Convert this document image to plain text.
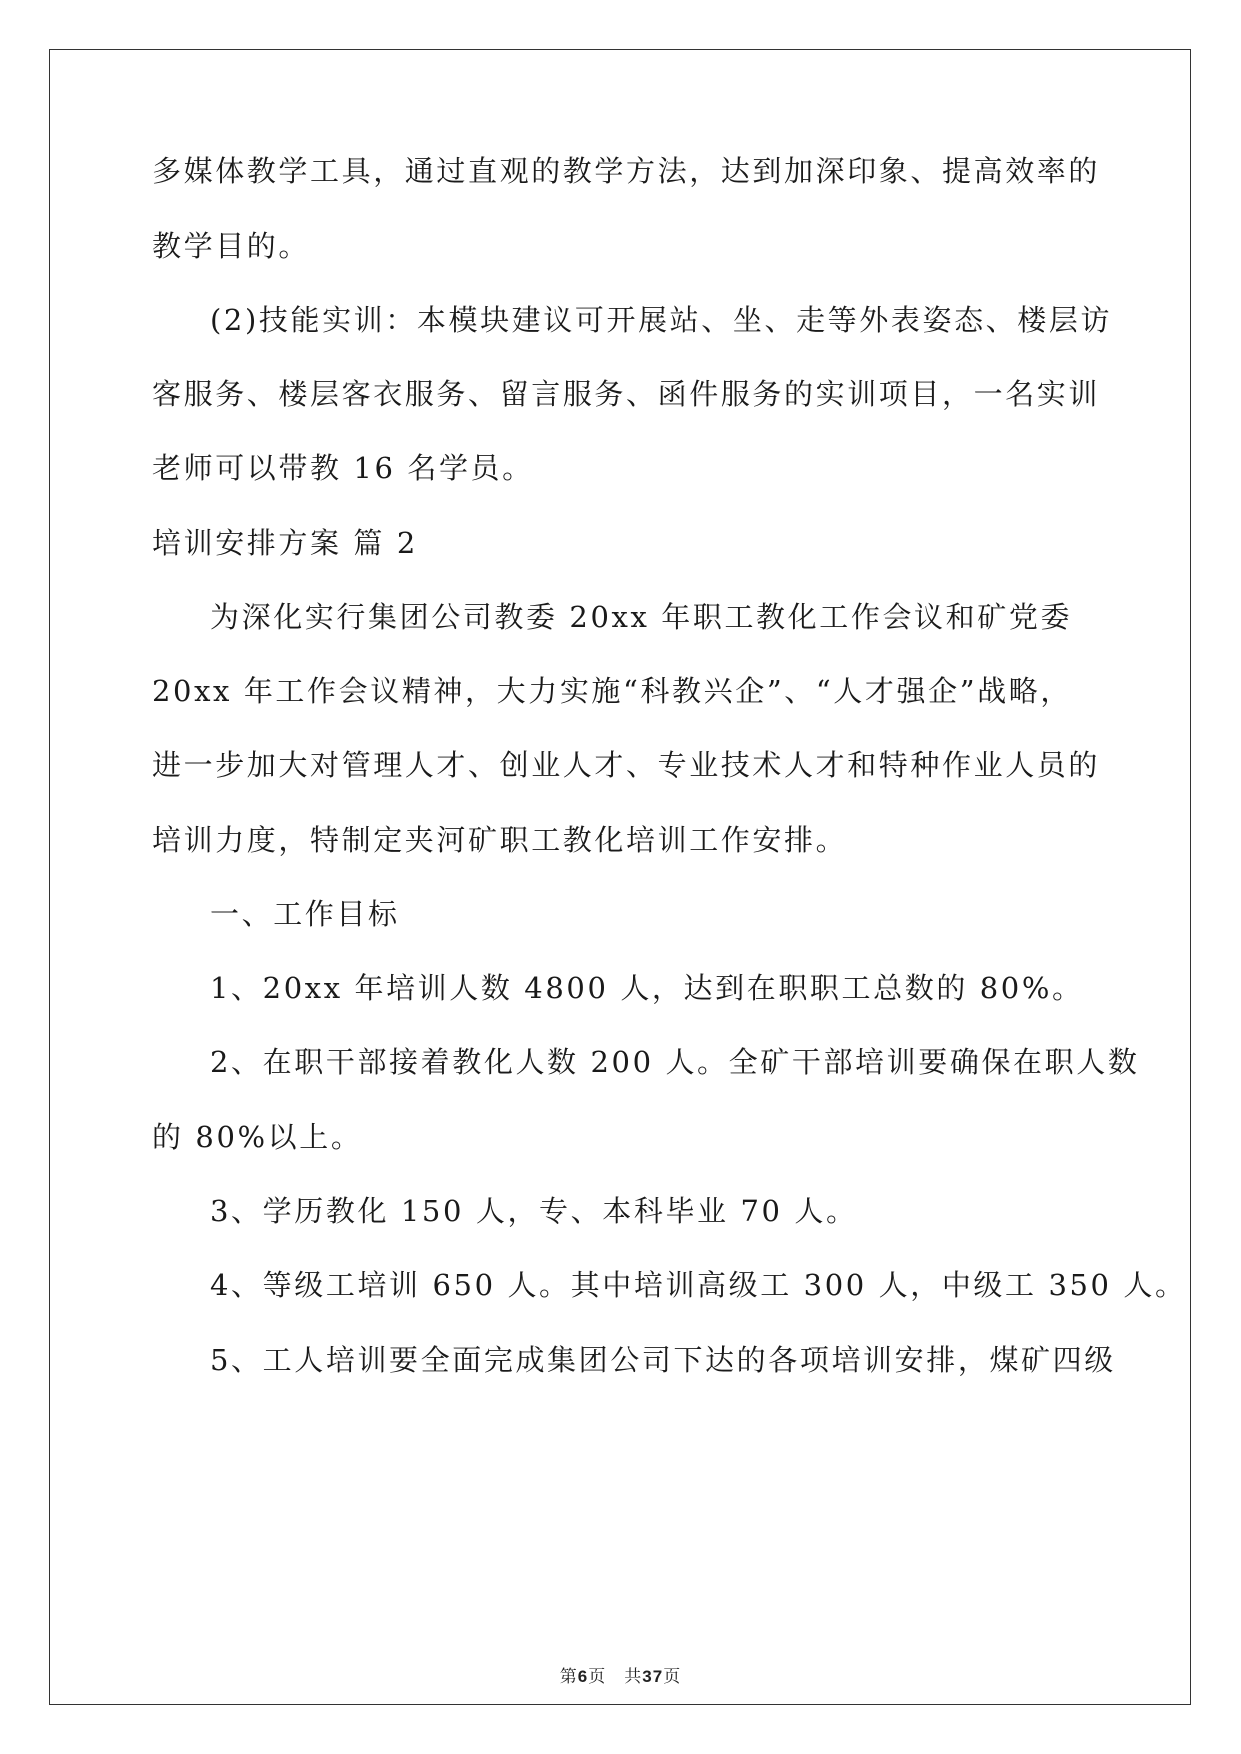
多媒体教学工具，通过直观的教学方法，达到加深印象、提高效率的
教学目的。
(2)技能实训：本模块建议可开展站、坐、走等外表姿态、楼层访
客服务、楼层客衣服务、留言服务、函件服务的实训项目，一名实训
老师可以带教 16 名学员。
培训安排方案 篇 2
为深化实行集团公司教委 20xx 年职工教化工作会议和矿党委
20xx 年工作会议精神，大力实施“科教兴企”、“人才强企”战略，
进一步加大对管理人才、创业人才、专业技术人才和特种作业人员的
培训力度，特制定夹河矿职工教化培训工作安排。
一、工作目标
1、20xx 年培训人数 4800 人，达到在职职工总数的 80%。
2、在职干部接着教化人数 200 人。全矿干部培训要确保在职人数
的 80%以上。
3、学历教化 150 人，专、本科毕业 70 人。
4、等级工培训 650 人。其中培训高级工 300 人，中级工 350 人。
5、工人培训要全面完成集团公司下达的各项培训安排，煤矿四级
第6页 共37页
